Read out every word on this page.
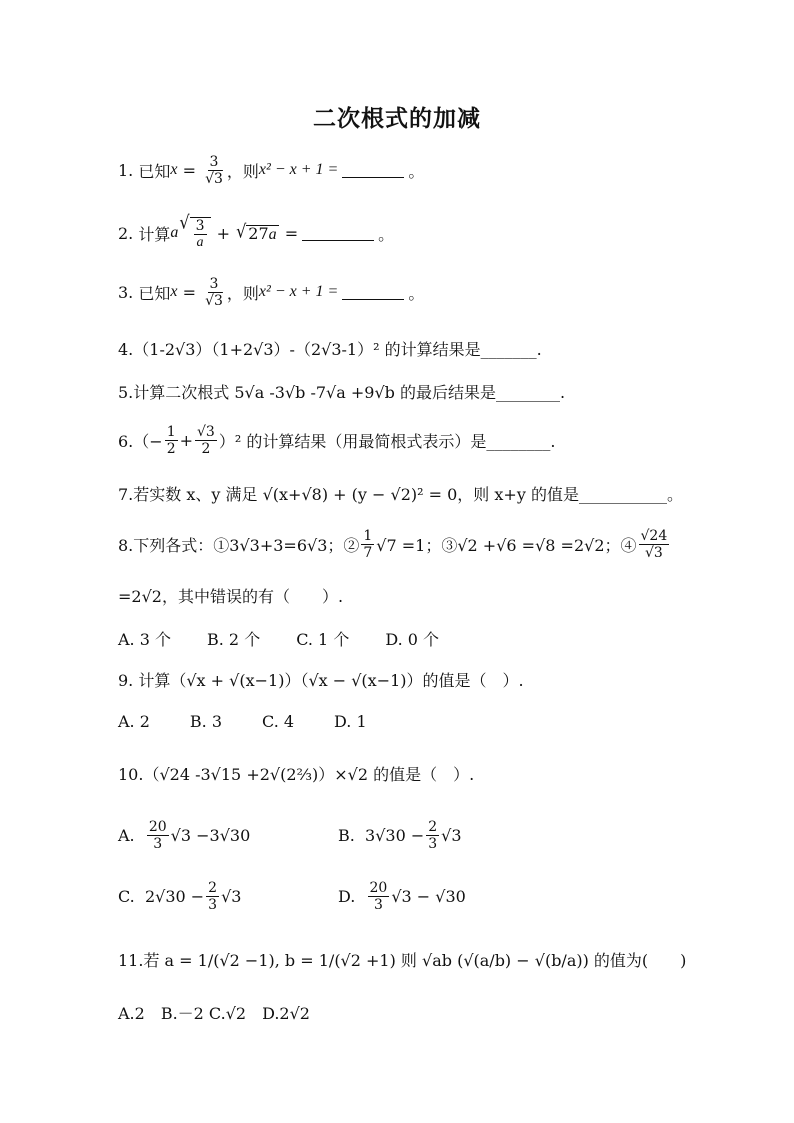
二次根式的加减
1.
已知 $x = \frac{3}{√3}$ ，则 x² − x + 1 =	。
2.
计算 a
√ $\frac{3}{a}$ + √ 27a =	。
3.
已知 $x = \frac{3}{√3}$ ，则 x² − x + 1 =	。
4.（1-2√3）（1+2√3）-（2√3-1）² 的计算结果是_______.
5.计算二次根式 5√a -3√b -7√a +9√b 的最后结果是________.
$6.(- \frac{1}{2} + \frac{√3}{2} )^2$ 的计算结果（用最简根式表示）是________.
7.若实数 x、y 满足 √(x+√8) + (y − √2)² = 0，则 x+y 的值是___________。
8.下列各式：①3√3+3=6√3；② $\frac{1}{7} √7 =1$；③√2 +√6 =√8 =2√2；④ $\frac{√24}{√3}$
=2√2，其中错误的有（　　）.
A. 3 个 B. 2 个 C. 1 个 D. 0 个
9. 计算（√x + √(x−1)）（√x − √(x−1)）的值是（　）.
A. 2	B. 3	C. 4	D. 1
10.（√24 -3√15 +2√(2⅔)）×√2 的值是（　）.
A.
$\frac{20}{3} √3 -3√30$	B. $3√30 - \frac{2}{3} √3$
C. $2√30 - \frac{2}{3} √3$	D.
$\frac{20}{3} √3 - √30$
11.若 a = 1/(√2 −1), b = 1/(√2 +1) 则 √ab (√(a/b) − √(b/a)) 的值为(　　)
A.2　B.－2 C.√2　D.2√2
